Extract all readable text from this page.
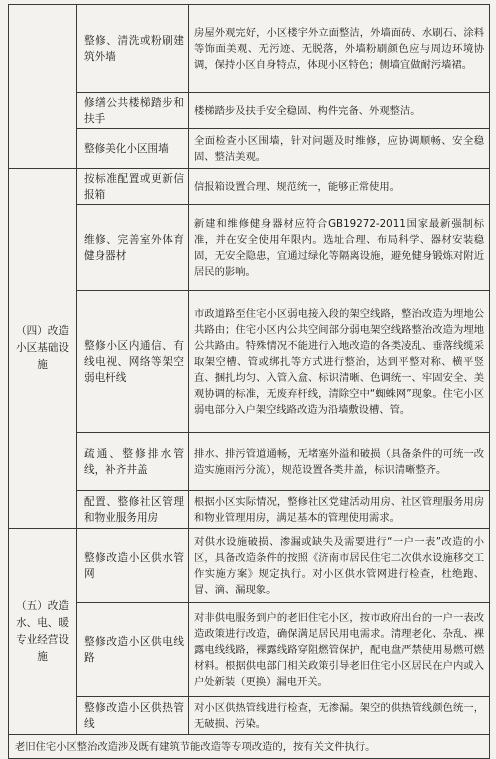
	整修、清洗或粉刷建筑外墙	房屋外观完好，小区楼宇外立面整洁，外墙面砖、水刷石、涂料等饰面美观、无污迹、无脱落，外墙粉刷颜色应与周边环境协调，保持小区自身特点，体现小区特色；侧墙宜做耐污墙裙。
	修缮公共楼梯踏步和扶手	楼梯踏步及扶手安全稳固、构件完备、外观整洁。
	整修美化小区围墙	全面检查小区围墙，针对问题及时维修，应协调顺畅、安全稳固、整洁美观。
（四）改造小区基础设施	按标准配置或更新信报箱	信报箱设置合理、规范统一，能够正常使用。
	维修、完善室外体育健身器材	新建和维修健身器材应符合GB19272-2011国家最新强制标准，并在安全使用年限内。选址合理、布局科学、器材安装稳固，无安全隐患，宜通过绿化等隔离设施，避免健身锻炼对附近居民的影响。
	整修小区内通信、有线电视、网络等架空弱电杆线	市政道路至住宅小区弱电接入段的架空线路，整治改造为埋地公共路由；住宅小区内公共空间部分弱电架空线路整治改造为埋地公共路由。特殊情况不能进行入地改造的各类凌乱、垂落线缆采取架空槽、管或绑扎等方式进行整治，达到平整对称、横平竖直、捆扎均匀、入管入盒、标识清晰、色调统一、牢固安全、美观协调的标准，无废弃杆线，清除空中“蜘蛛网”现象。住宅小区弱电部分入户架空线路改造为沿墙敷设槽、管。
	疏通、整修排水管线，补齐井盖	排水、排污管道通畅，无堵塞外溢和破损（具备条件的可统一改造实施雨污分流），规范设置各类井盖，标识清晰整齐。
	配置、整修社区管理和物业服务用房	根据小区实际情况，整修社区党建活动用房、社区管理服务用房和物业管理用房，满足基本的管理使用需求。
（五）改造水、电、暖专业经营设施	整修改造小区供水管网	对供水设施破损、渗漏或缺失及需要进行“一户一表”改造的小区，具备改造条件的按照《济南市居民住宅二次供水设施移交工作实施方案》规定执行。对小区供水管网进行检查，杜绝跑、冒、滴、漏现象。
	整修改造小区供电线路	对非供电服务到户的老旧住宅小区，按市政府出台的一户一表改造政策进行改造，确保满足居民用电需求。清理老化、杂乱、裸露电线线路，裸露线路穿阻燃管保护，配电盘严禁使用易燃可燃材料。根据供电部门相关政策引导老旧住宅小区居民在户内或入户处新装（更换）漏电开关。
	整修改造小区供热管线	对小区供热管线进行检查，无渗漏。架空的供热管线颜色统一，无破损、污染。
老旧住宅小区整治改造涉及既有建筑节能改造等专项改造的，按有关文件执行。		
